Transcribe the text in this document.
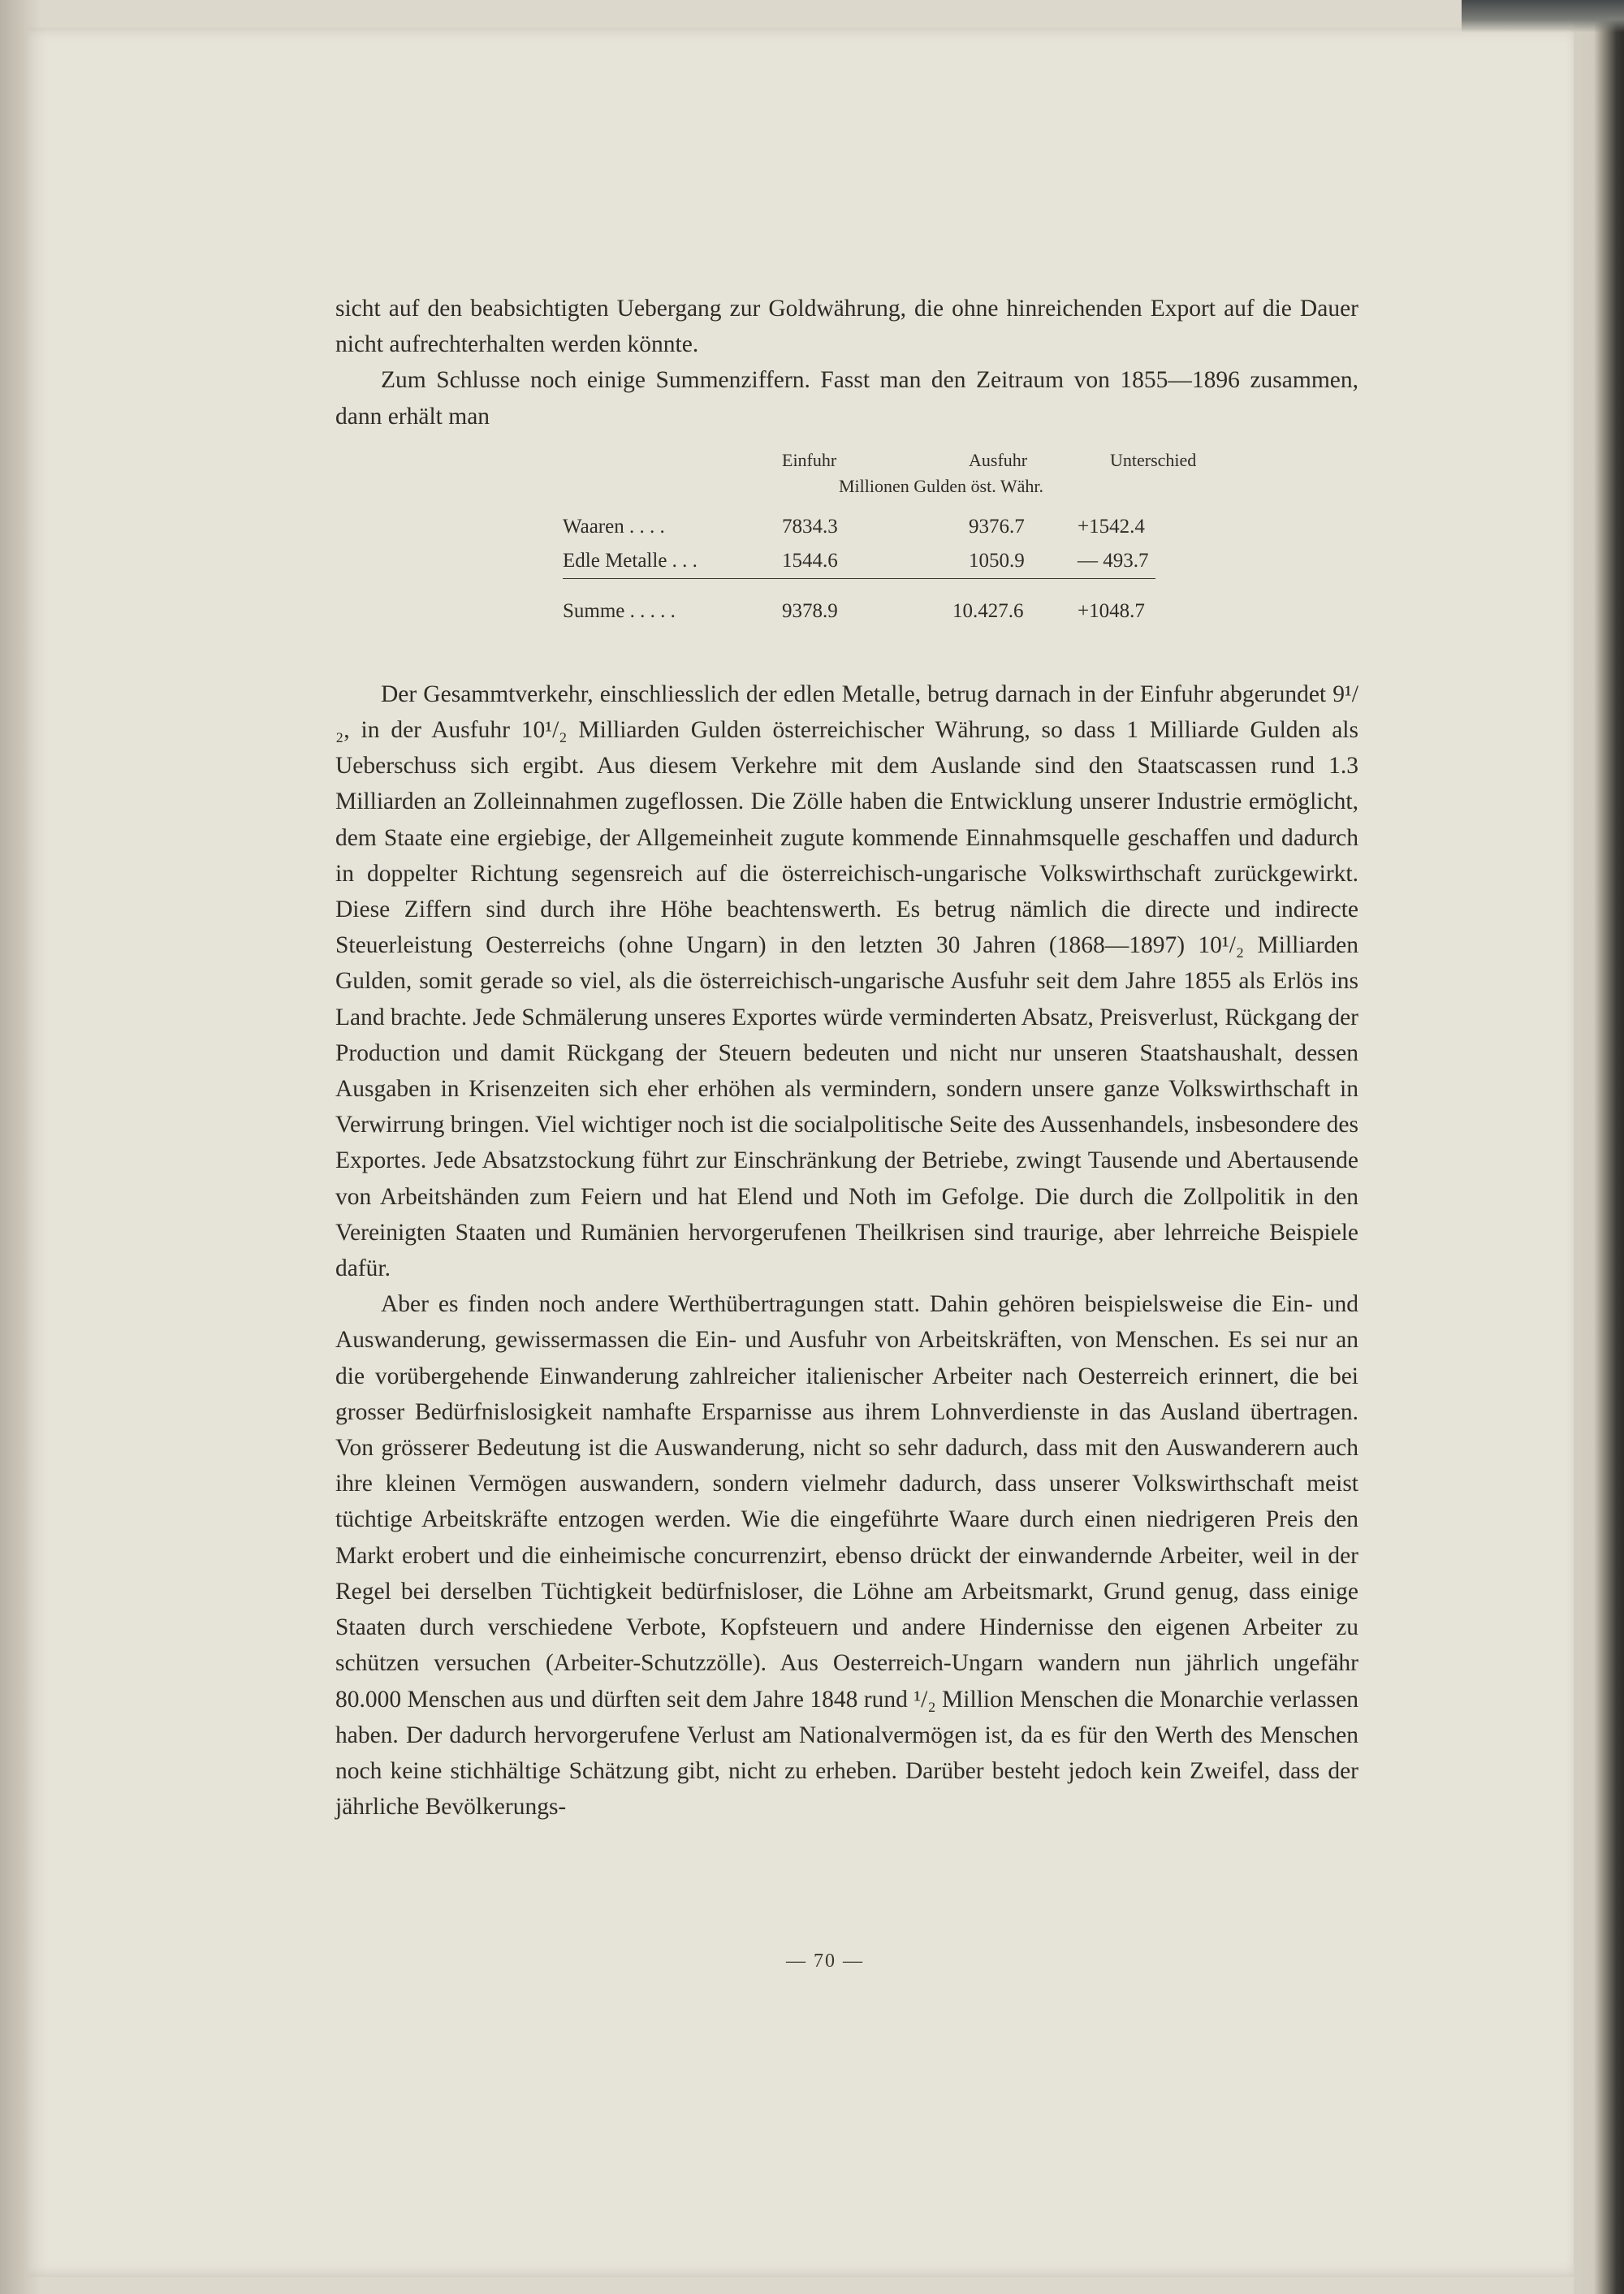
sicht auf den beabsichtigten Uebergang zur Goldwährung, die ohne hinreichenden Export auf die Dauer nicht aufrechterhalten werden könnte.

Zum Schlusse noch einige Summenziffern. Fasst man den Zeitraum von 1855—1896 zusammen, dann erhält man

Einfuhr	Ausfuhr	Unterschied
Millionen Gulden öst. Währ.
Waaren . . . .	7834.3	9376.7	+1542.4
Edle Metalle . . .	1544.6	1050.9	— 493.7
Summe . . . . .	9378.9	10.427.6	+1048.7

Der Gesammtverkehr, einschliesslich der edlen Metalle, betrug darnach in der Einfuhr abgerundet 9¹/₂, in der Ausfuhr 10¹/₂ Milliarden Gulden österreichischer Währung, so dass 1 Milliarde Gulden als Ueberschuss sich ergibt. Aus diesem Verkehre mit dem Auslande sind den Staatscassen rund 1.3 Milliarden an Zolleinnahmen zugeflossen. Die Zölle haben die Entwicklung unserer Industrie ermöglicht, dem Staate eine ergiebige, der Allgemeinheit zugute kommende Einnahmsquelle geschaffen und dadurch in doppelter Richtung segensreich auf die österreichisch-ungarische Volkswirthschaft zurückgewirkt. Diese Ziffern sind durch ihre Höhe beachtenswerth. Es betrug nämlich die directe und indirecte Steuerleistung Oesterreichs (ohne Ungarn) in den letzten 30 Jahren (1868—1897) 10¹/₂ Milliarden Gulden, somit gerade so viel, als die österreichisch-ungarische Ausfuhr seit dem Jahre 1855 als Erlös ins Land brachte. Jede Schmälerung unseres Exportes würde verminderten Absatz, Preisverlust, Rückgang der Production und damit Rückgang der Steuern bedeuten und nicht nur unseren Staatshaushalt, dessen Ausgaben in Krisenzeiten sich eher erhöhen als vermindern, sondern unsere ganze Volkswirthschaft in Verwirrung bringen. Viel wichtiger noch ist die socialpolitische Seite des Aussenhandels, insbesondere des Exportes. Jede Absatzstockung führt zur Einschränkung der Betriebe, zwingt Tausende und Abertausende von Arbeitshänden zum Feiern und hat Elend und Noth im Gefolge. Die durch die Zollpolitik in den Vereinigten Staaten und Rumänien hervorgerufenen Theilkrisen sind traurige, aber lehrreiche Beispiele dafür.

Aber es finden noch andere Werthübertragungen statt. Dahin gehören beispielsweise die Ein- und Auswanderung, gewissermassen die Ein- und Ausfuhr von Arbeitskräften, von Menschen. Es sei nur an die vorübergehende Einwanderung zahlreicher italienischer Arbeiter nach Oesterreich erinnert, die bei grosser Bedürfnislosigkeit namhafte Ersparnisse aus ihrem Lohnverdienste in das Ausland übertragen. Von grösserer Bedeutung ist die Auswanderung, nicht so sehr dadurch, dass mit den Auswanderern auch ihre kleinen Vermögen auswandern, sondern vielmehr dadurch, dass unserer Volkswirthschaft meist tüchtige Arbeitskräfte entzogen werden. Wie die eingeführte Waare durch einen niedrigeren Preis den Markt erobert und die einheimische concurrenzirt, ebenso drückt der einwandernde Arbeiter, weil in der Regel bei derselben Tüchtigkeit bedürfnisloser, die Löhne am Arbeitsmarkt, Grund genug, dass einige Staaten durch verschiedene Verbote, Kopfsteuern und andere Hindernisse den eigenen Arbeiter zu schützen versuchen (Arbeiter-Schutzzölle). Aus Oesterreich-Ungarn wandern nun jährlich ungefähr 80.000 Menschen aus und dürften seit dem Jahre 1848 rund ¹/₂ Million Menschen die Monarchie verlassen haben. Der dadurch hervorgerufene Verlust am Nationalvermögen ist, da es für den Werth des Menschen noch keine stichhältige Schätzung gibt, nicht zu erheben. Darüber besteht jedoch kein Zweifel, dass der jährliche Bevölkerungs-

— 70 —
